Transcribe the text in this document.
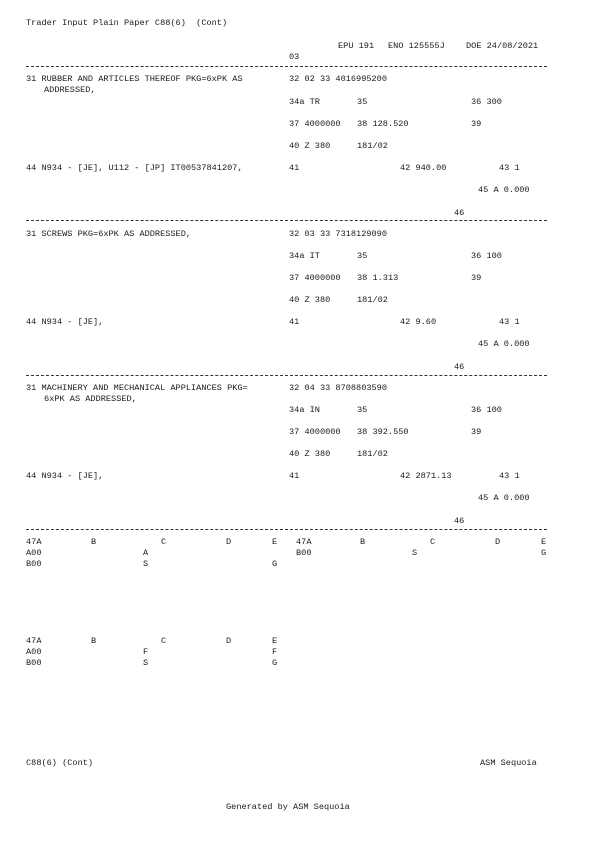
Trader Input Plain Paper C88(6)  (Cont)
EPU 191 ENO 125555J DOE 24/08/2021
03
31 RUBBER AND ARTICLES THEREOF PKG=6xPK AS
ADDRESSED,
32 02 33 4016995200
34a TR	35	36 300
37 4000000 38 128.520	39
40 Z 380	181/02
44 N934 - [JE], U112 - [JP] IT00537841207,	41	42 940.00	43 1
45 A 0.000
46
31 SCREWS PKG=6xPK AS ADDRESSED,	32 03 33 7318129090
34a IT	35	36 100
37 4000000 38 1.313	39
40 Z 380	181/02
44 N934 - [JE],	41	42 9.60	43 1
45 A 0.000
46
31 MACHINERY AND MECHANICAL APPLIANCES PKG=
6xPK AS ADDRESSED,
32 04 33 8708803590
34a IN	35	36 100
37 4000000 38 392.550	39
40 Z 380	181/02
44 N934 - [JE],	41	42 2871.13	43 1
45 A 0.000
46
47A	B	C	D	E
A00	A
B00	S	G
47A	B	C	D	E
B00	S	G
47A	B	C	D	E
A00	F	F
B00	S	G
C88(6) (Cont)	ASM Sequoia
Generated by ASM Sequoia
